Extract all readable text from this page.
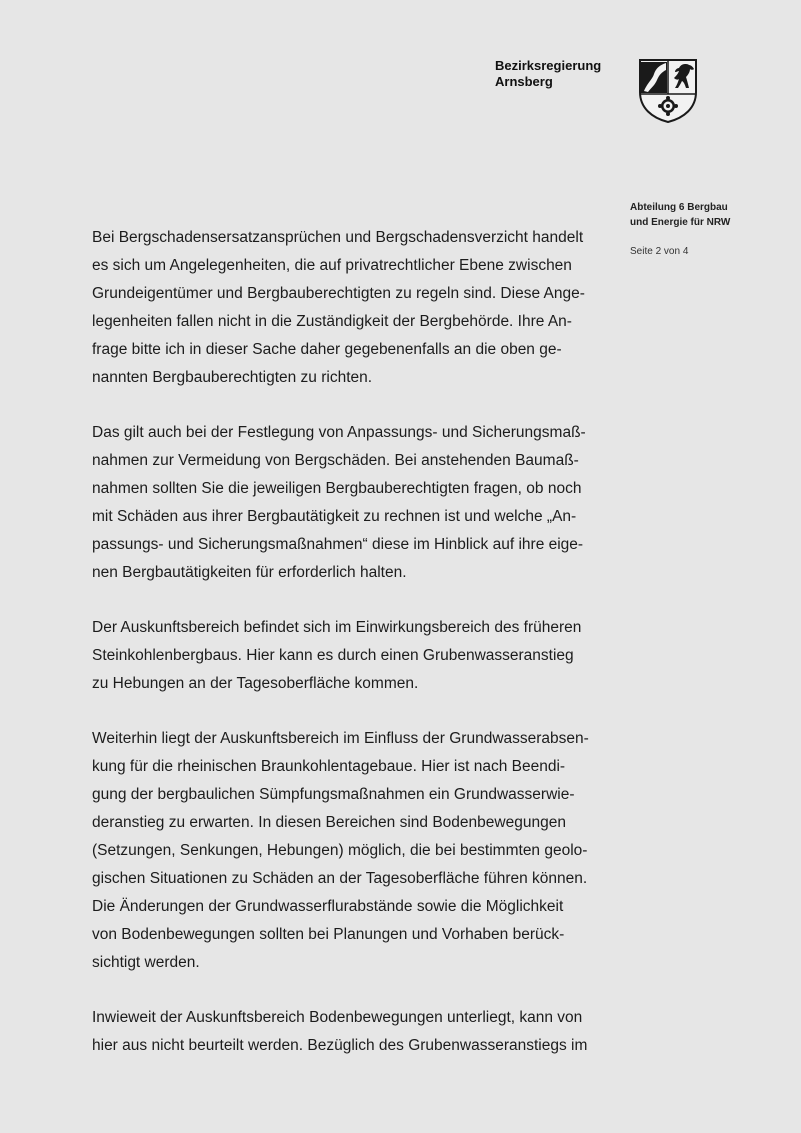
Bezirksregierung
Arnsberg
Abteilung 6 Bergbau
und Energie für NRW
Seite 2 von 4

Bei Bergschadensersatzansprüchen und Bergschadensverzicht handelt
es sich um Angelegenheiten, die auf privatrechtlicher Ebene zwischen
Grundeigentümer und Bergbauberechtigten zu regeln sind. Diese Ange-
legenheiten fallen nicht in die Zuständigkeit der Bergbehörde. Ihre An-
frage bitte ich in dieser Sache daher gegebenenfalls an die oben ge-
nannten Bergbauberechtigten zu richten.

Das gilt auch bei der Festlegung von Anpassungs- und Sicherungsmaß-
nahmen zur Vermeidung von Bergschäden. Bei anstehenden Baumaß-
nahmen sollten Sie die jeweiligen Bergbauberechtigten fragen, ob noch
mit Schäden aus ihrer Bergbautätigkeit zu rechnen ist und welche „An-
passungs- und Sicherungsmaßnahmen“ diese im Hinblick auf ihre eige-
nen Bergbautätigkeiten für erforderlich halten.

Der Auskunftsbereich befindet sich im Einwirkungsbereich des früheren
Steinkohlenbergbaus. Hier kann es durch einen Grubenwasseranstieg
zu Hebungen an der Tagesoberfläche kommen.

Weiterhin liegt der Auskunftsbereich im Einfluss der Grundwasserabsen-
kung für die rheinischen Braunkohlentagebaue. Hier ist nach Beendi-
gung der bergbaulichen Sümpfungsmaßnahmen ein Grundwasserwie-
deranstieg zu erwarten. In diesen Bereichen sind Bodenbewegungen
(Setzungen, Senkungen, Hebungen) möglich, die bei bestimmten geolo-
gischen Situationen zu Schäden an der Tagesoberfläche führen können.
Die Änderungen der Grundwasserflurabstände sowie die Möglichkeit
von Bodenbewegungen sollten bei Planungen und Vorhaben berück-
sichtigt werden.

Inwieweit der Auskunftsbereich Bodenbewegungen unterliegt, kann von
hier aus nicht beurteilt werden. Bezüglich des Grubenwasseranstiegs im
